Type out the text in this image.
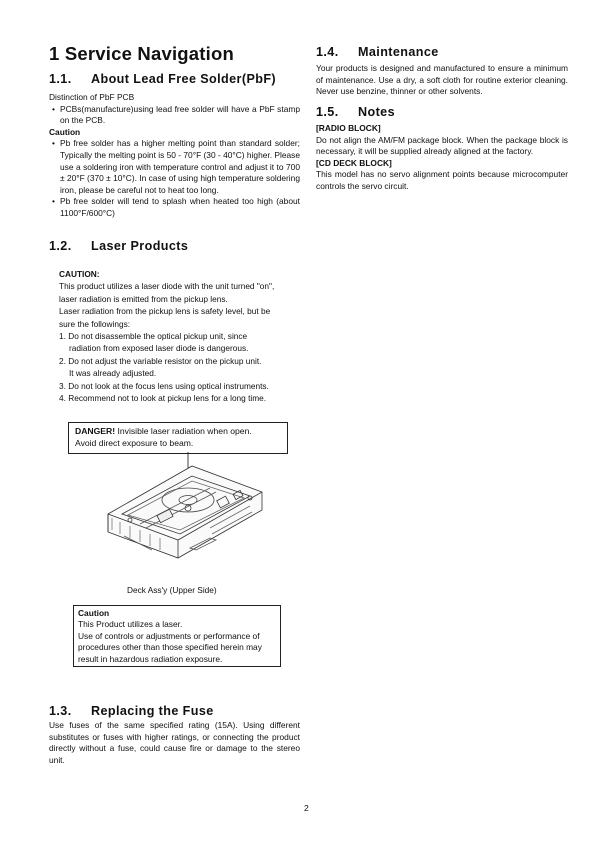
1 Service Navigation
1.1. About Lead Free Solder(PbF)

Distinction of PbF PCB

• PCBs(manufacture)using lead free solder will have a PbF stamp on the PCB.

Caution

• Pb free solder has a higher melting point than standard solder; Typically the melting point is 50 - 70°F (30 - 40°C) higher. Please use a soldering iron with temperature control and adjust it to 700 ± 20°F (370 ± 10°C). In case of using high temperature soldering iron, please be careful not to heat too long.
• Pb free solder will tend to splash when heated too high (about 1100°F/600°C)
1.2. Laser Products
CAUTION:
This product utilizes a laser diode with the unit turned "on",
laser radiation is emitted from the pickup lens.
Laser radiation from the pickup lens is safety level, but be
sure the followings:
1. Do not disassemble the optical pickup unit, since
radiation from exposed laser diode is dangerous.
2. Do not adjust the variable resistor on the pickup unit.
It was already adjusted.
3. Do not look at the focus lens using optical instruments.
4. Recommend not to look at pickup lens for a long time.
DANGER! Invisible laser radiation when open.
Avoid direct exposure to beam.
Deck Ass'y (Upper Side)
Caution
This Product utilizes a laser.
Use of controls or adjustments or performance of
procedures other than those specified herein may
result in hazardous radiation exposure.
1.3. Replacing the Fuse

Use fuses of the same specified rating (15A). Using different substitutes or fuses with higher ratings, or connecting the product directly without a fuse, could cause fire or damage to the stereo unit.

1.4. Maintenance

Your products is designed and manufactured to ensure a minimum of maintenance. Use a dry, a soft cloth for routine exterior cleaning. Never use benzine, thinner or other solvents.

1.5. Notes

[RADIO BLOCK]

Do not align the AM/FM package block. When the package block is necessary, it will be supplied already aligned at the factory.

[CD DECK BLOCK]

This model has no servo alignment points because microcomputer controls the servo circuit.

2
